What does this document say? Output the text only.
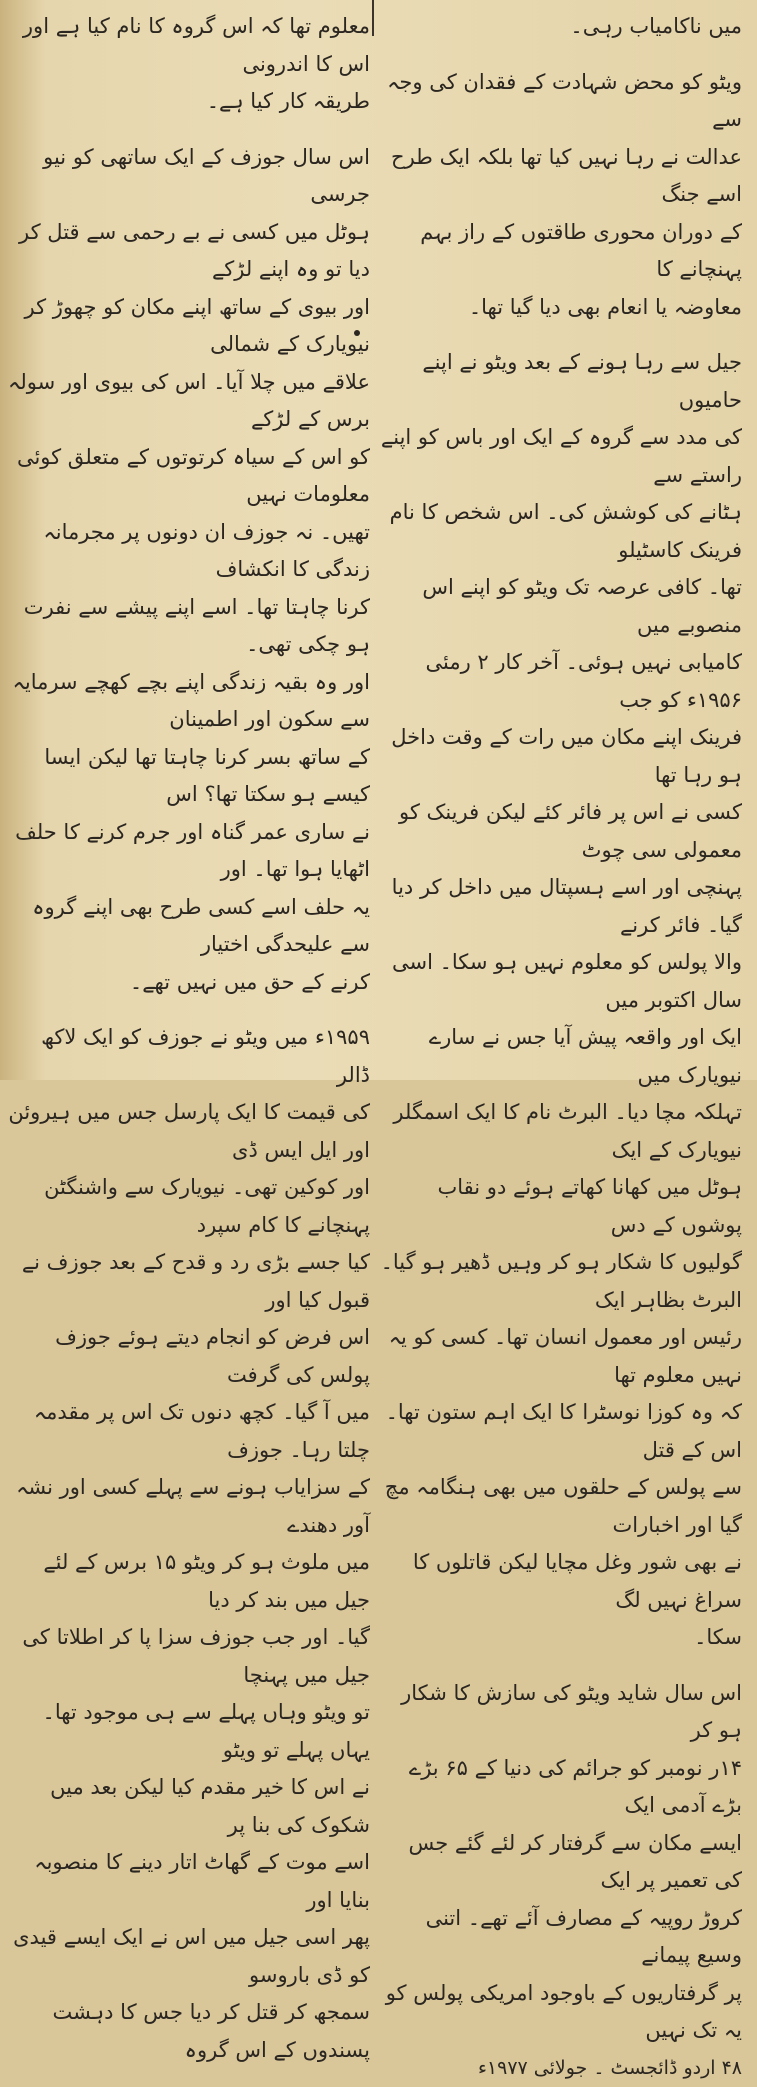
میں ناکامیاب رہی۔

ویٹو کو محض شہادت کے فقدان کی وجہ سے

عدالت نے رہا نہیں کیا تھا بلکہ ایک طرح اسے جنگ

کے دوران محوری طاقتوں کے راز بہم پہنچانے کا

معاوضہ یا انعام بھی دیا گیا تھا۔

جیل سے رہا ہونے کے بعد ویٹو نے اپنے حامیوں

کی مدد سے گروہ کے ایک اور باس کو اپنے راستے سے

ہٹانے کی کوشش کی۔ اس شخص کا نام فرینک کاسٹیلو

تھا۔ کافی عرصہ تک ویٹو کو اپنے اس منصوبے میں

کامیابی نہیں ہوئی۔ آخر کار ۲ رمئی ۱۹۵۶ء کو جب

فرینک اپنے مکان میں رات کے وقت داخل ہو رہا تھا

کسی نے اس پر فائر کئے لیکن فرینک کو معمولی سی چوٹ

پہنچی اور اسے ہسپتال میں داخل کر دیا گیا۔ فائر کرنے

والا پولس کو معلوم نہیں ہو سکا۔ اسی سال اکتوبر میں

ایک اور واقعہ پیش آیا جس نے سارے نیویارک میں

تہلکہ مچا دیا۔ البرٹ نام کا ایک اسمگلر نیویارک کے ایک

ہوٹل میں کھانا کھاتے ہوئے دو نقاب پوشوں کے دس

گولیوں کا شکار ہو کر وہیں ڈھیر ہو گیا۔ البرٹ بظاہر ایک

رئیس اور معمول انسان تھا۔ کسی کو یہ نہیں معلوم تھا

کہ وہ کوزا نوسٹرا کا ایک اہم ستون تھا۔ اس کے قتل

سے پولس کے حلقوں میں بھی ہنگامہ مچ گیا اور اخبارات

نے بھی شور وغل مچایا لیکن قاتلوں کا سراغ نہیں لگ

سکا۔

اس سال شاید ویٹو کی سازش کا شکار ہو کر

۱۴ر نومبر کو جرائم کی دنیا کے ۶۵ بڑے بڑے آدمی ایک

ایسے مکان سے گرفتار کر لئے گئے جس کی تعمیر پر ایک

کروڑ روپیہ کے مصارف آئے تھے۔ اتنی وسیع پیمانے

پر گرفتاریوں کے باوجود امریکی پولس کو یہ تک نہیں

۴۸ اردو ڈائجسٹ ۔ جولائی ۱۹۷۷ء

معلوم تھا کہ اس گروہ کا نام کیا ہے اور اس کا اندرونی

طریقہ کار کیا ہے۔

اس سال جوزف کے ایک ساتھی کو نیو جرسی

ہوٹل میں کسی نے بے رحمی سے قتل کر دیا تو وہ اپنے لڑکے

اور بیوی کے ساتھ اپنے مکان کو چھوڑ کر نیویارک کے شمالی

علاقے میں چلا آیا۔ اس کی بیوی اور سولہ برس کے لڑکے

کو اس کے سیاہ کرتوتوں کے متعلق کوئی معلومات نہیں

تھیں۔ نہ جوزف ان دونوں پر مجرمانہ زندگی کا انکشاف

کرنا چاہتا تھا۔ اسے اپنے پیشے سے نفرت ہو چکی تھی۔

اور وہ بقیہ زندگی اپنے بچے کھچے سرمایہ سے سکون اور اطمینان

کے ساتھ بسر کرنا چاہتا تھا لیکن ایسا کیسے ہو سکتا تھا؟ اس

نے ساری عمر گناہ اور جرم کرنے کا حلف اٹھایا ہوا تھا۔ اور

یہ حلف اسے کسی طرح بھی اپنے گروہ سے علیحدگی اختیار

کرنے کے حق میں نہیں تھے۔

۱۹۵۹ء میں ویٹو نے جوزف کو ایک لاکھ ڈالر

کی قیمت کا ایک پارسل جس میں ہیروئن اور ایل ایس ڈی

اور کوکین تھی۔ نیویارک سے واشنگٹن پہنچانے کا کام سپرد

کیا جسے بڑی رد و قدح کے بعد جوزف نے قبول کیا اور

اس فرض کو انجام دیتے ہوئے جوزف پولس کی گرفت

میں آ گیا۔ کچھ دنوں تک اس پر مقدمہ چلتا رہا۔ جوزف

کے سزایاب ہونے سے پہلے کسی اور نشہ آور دھندے

میں ملوث ہو کر ویٹو ۱۵ برس کے لئے جیل میں بند کر دیا

گیا۔ اور جب جوزف سزا پا کر اطلاتا کی جیل میں پہنچا

تو ویٹو وہاں پہلے سے ہی موجود تھا۔ یہاں پہلے تو ویٹو

نے اس کا خیر مقدم کیا لیکن بعد میں شکوک کی بنا پر

اسے موت کے گھاٹ اتار دینے کا منصوبہ بنایا اور

پھر اسی جیل میں اس نے ایک ایسے قیدی کو ڈی باروسو

سمجھ کر قتل کر دیا جس کا دہشت پسندوں کے اس گروہ
